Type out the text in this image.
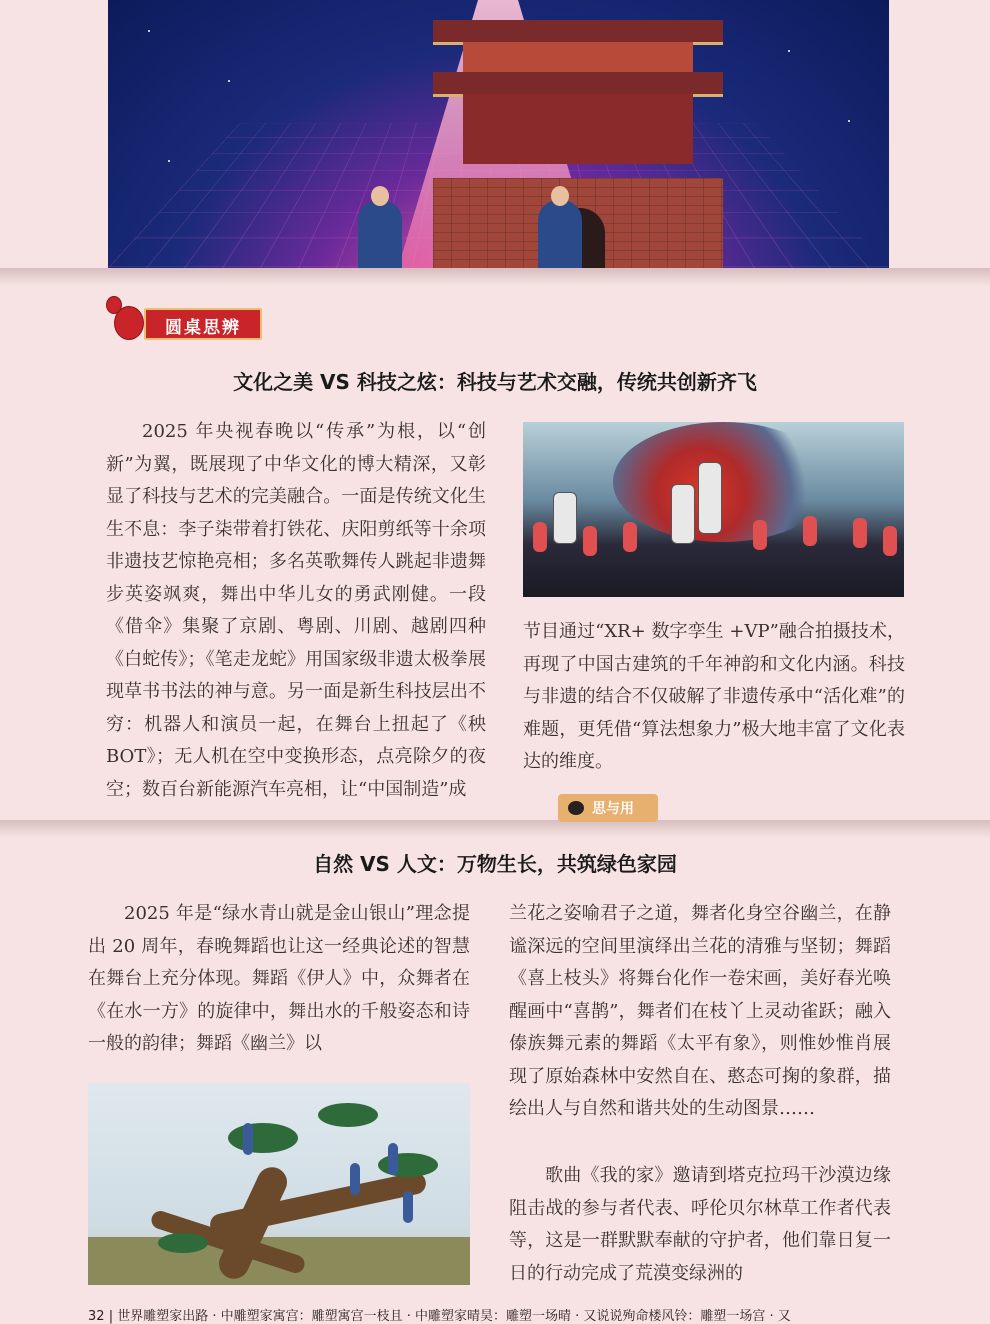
圆桌思辨
文化之美 VS 科技之炫：科技与艺术交融，传统共创新齐飞

2025 年央视春晚以“传承”为根，以“创新”为翼，既展现了中华文化的博大精深，又彰显了科技与艺术的完美融合。一面是传统文化生生不息：李子柒带着打铁花、庆阳剪纸等十余项非遗技艺惊艳亮相；多名英歌舞传人跳起非遗舞步英姿飒爽，舞出中华儿女的勇武刚健。一段《借伞》集聚了京剧、粤剧、川剧、越剧四种《白蛇传》；《笔走龙蛇》用国家级非遗太极拳展现草书书法的神与意。另一面是新生科技层出不穷：机器人和演员一起，在舞台上扭起了《秧 BOT》；无人机在空中变换形态，点亮除夕的夜空；数百台新能源汽车亮相，让“中国制造”成

节目通过“XR+ 数字孪生 +VP”融合拍摄技术，再现了中国古建筑的千年神韵和文化内涵。科技与非遗的结合不仅破解了非遗传承中“活化难”的难题，更凭借“算法想象力”极大地丰富了文化表达的维度。

思与用
自然 VS 人文：万物生长，共筑绿色家园

2025 年是“绿水青山就是金山银山”理念提出 20 周年，春晚舞蹈也让这一经典论述的智慧在舞台上充分体现。舞蹈《伊人》中，众舞者在《在水一方》的旋律中，舞出水的千般姿态和诗一般的韵律；舞蹈《幽兰》以

兰花之姿喻君子之道，舞者化身空谷幽兰，在静谧深远的空间里演绎出兰花的清雅与坚韧；舞蹈《喜上枝头》将舞台化作一卷宋画，美好春光唤醒画中“喜鹊”，舞者们在枝丫上灵动雀跃；融入傣族舞元素的舞蹈《太平有象》，则惟妙惟肖展现了原始森林中安然自在、憨态可掬的象群，描绘出人与自然和谐共处的生动图景……

歌曲《我的家》邀请到塔克拉玛干沙漠边缘阻击战的参与者代表、呼伦贝尔林草工作者代表等，这是一群默默奉献的守护者，他们靠日复一日的行动完成了荒漠变绿洲的

32 | 世界雕塑家出路 · 中雕塑家寓宫：雕塑寓宫一枝且 · 中雕塑家晴昊：雕塑一场晴 · 又说说殉命楼风铃：雕塑一场宫 · 又
